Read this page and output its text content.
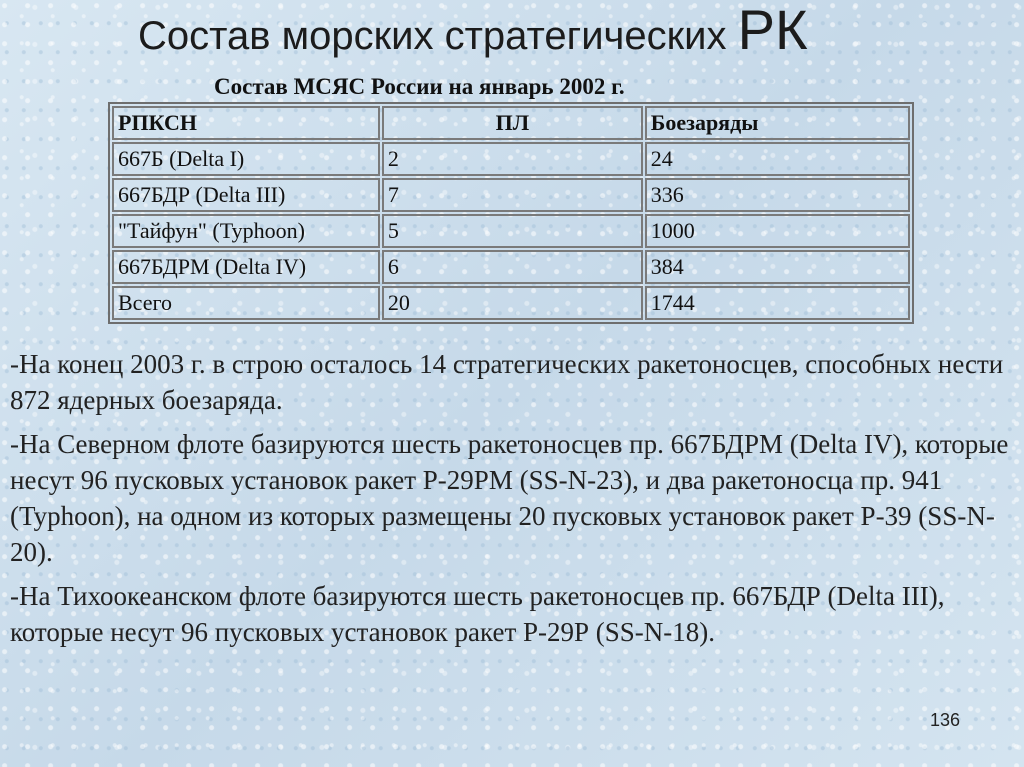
Состав морских стратегических РК
Состав МСЯС России на январь 2002 г.
РПКСН	ПЛ	Боезаряды
667Б (Delta I)	2	24
667БДР (Delta III)	7	336
"Тайфун" (Typhoon)	5	1000
667БДРМ (Delta IV)	6	384
Всего	20	1744

-На конец 2003 г. в строю осталось 14 стратегических ракетоносцев, способных нести 872 ядерных боезаряда.

-На Северном флоте базируются шесть ракетоносцев пр. 667БДРМ (Delta IV), которые несут 96 пусковых установок ракет Р-29РМ (SS-N-23), и два ракетоносца пр. 941 (Typhoon), на одном из которых размещены 20 пусковых установок ракет Р-39 (SS-N-20).

-На Тихоокеанском флоте базируются шесть ракетоносцев пр. 667БДР (Delta III), которые несут 96 пусковых установок ракет Р-29Р (SS-N-18).

136
